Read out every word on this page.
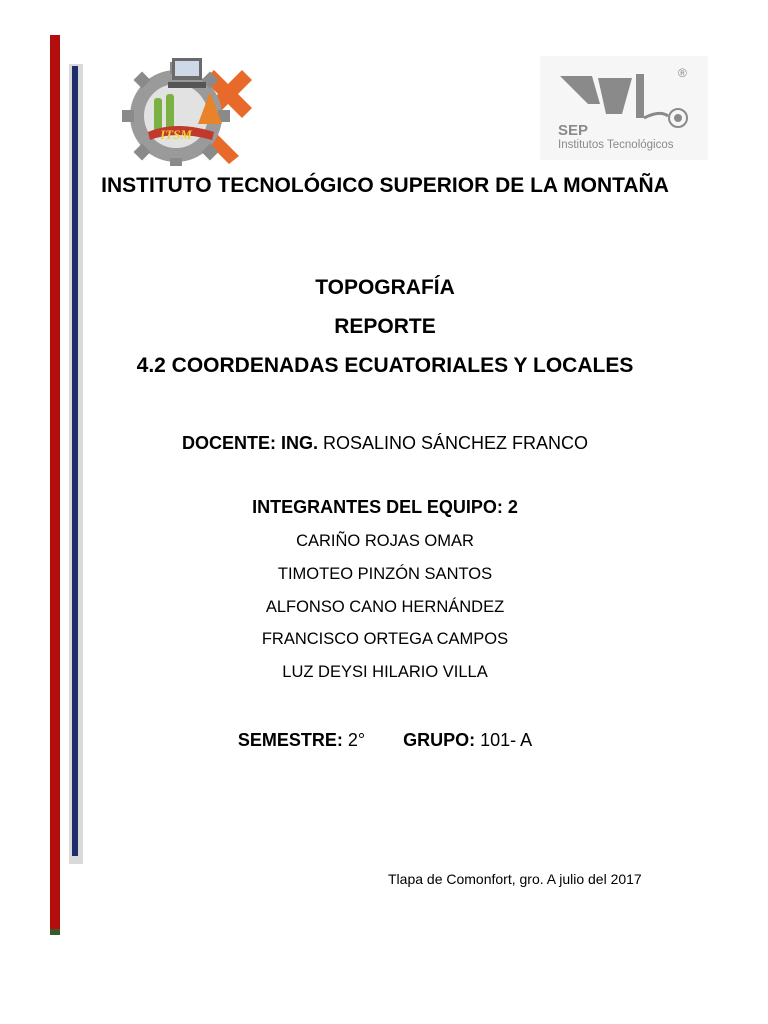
ITSM
®
SEP
Institutos Tecnológicos
INSTITUTO TECNOLÓGICO SUPERIOR DE LA MONTAÑA
TOPOGRAFÍA
REPORTE
4.2 COORDENADAS ECUATORIALES Y LOCALES
DOCENTE: ING. ROSALINO SÁNCHEZ FRANCO
INTEGRANTES DEL EQUIPO: 2
CARIÑO ROJAS OMAR
TIMOTEO PINZÓN SANTOS
ALFONSO CANO HERNÁNDEZ
FRANCISCO ORTEGA CAMPOS
LUZ DEYSI HILARIO VILLA
SEMESTRE: 2° GRUPO: 101- A
Tlapa de Comonfort, gro. A julio del 2017
